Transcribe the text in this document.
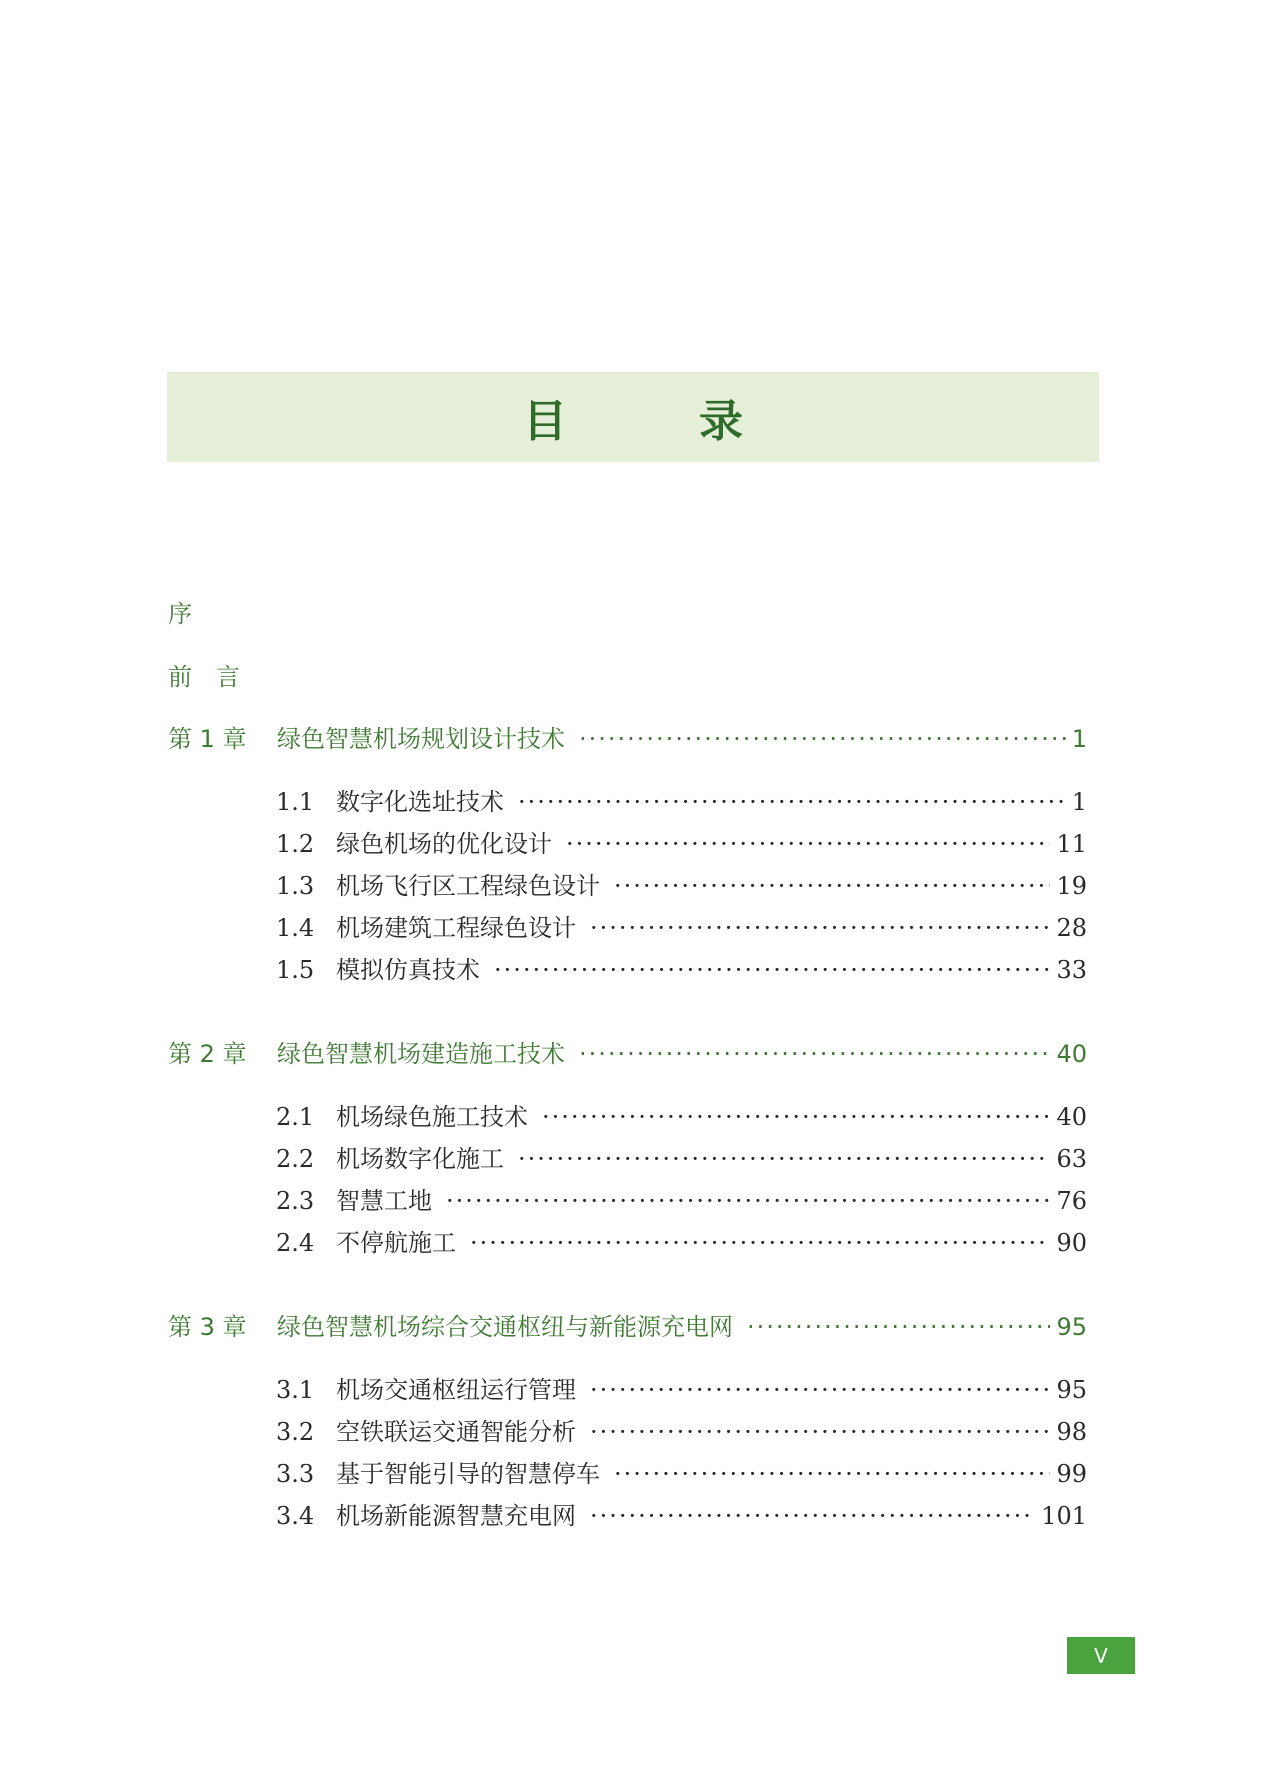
目　　　录
序
前　言
第 1 章	绿色智慧机场规划设计技术 ·····	1
1.1 数字化选址技术 ·····	1
1.2 绿色机场的优化设计 ·····	11
1.3 机场飞行区工程绿色设计 ·····	19
1.4 机场建筑工程绿色设计 ·····	28
1.5 模拟仿真技术 ·····	33
第 2 章	绿色智慧机场建造施工技术 ·····	40
2.1 机场绿色施工技术 ·····	40
2.2 机场数字化施工 ·····	63
2.3 智慧工地 ·····	76
2.4 不停航施工 ·····	90
第 3 章	绿色智慧机场综合交通枢纽与新能源充电网 ·····	95
3.1 机场交通枢纽运行管理 ·····	95
3.2 空铁联运交通智能分析 ·····	98
3.3 基于智能引导的智慧停车 ·····	99
3.4 机场新能源智慧充电网 ·····	101
V
